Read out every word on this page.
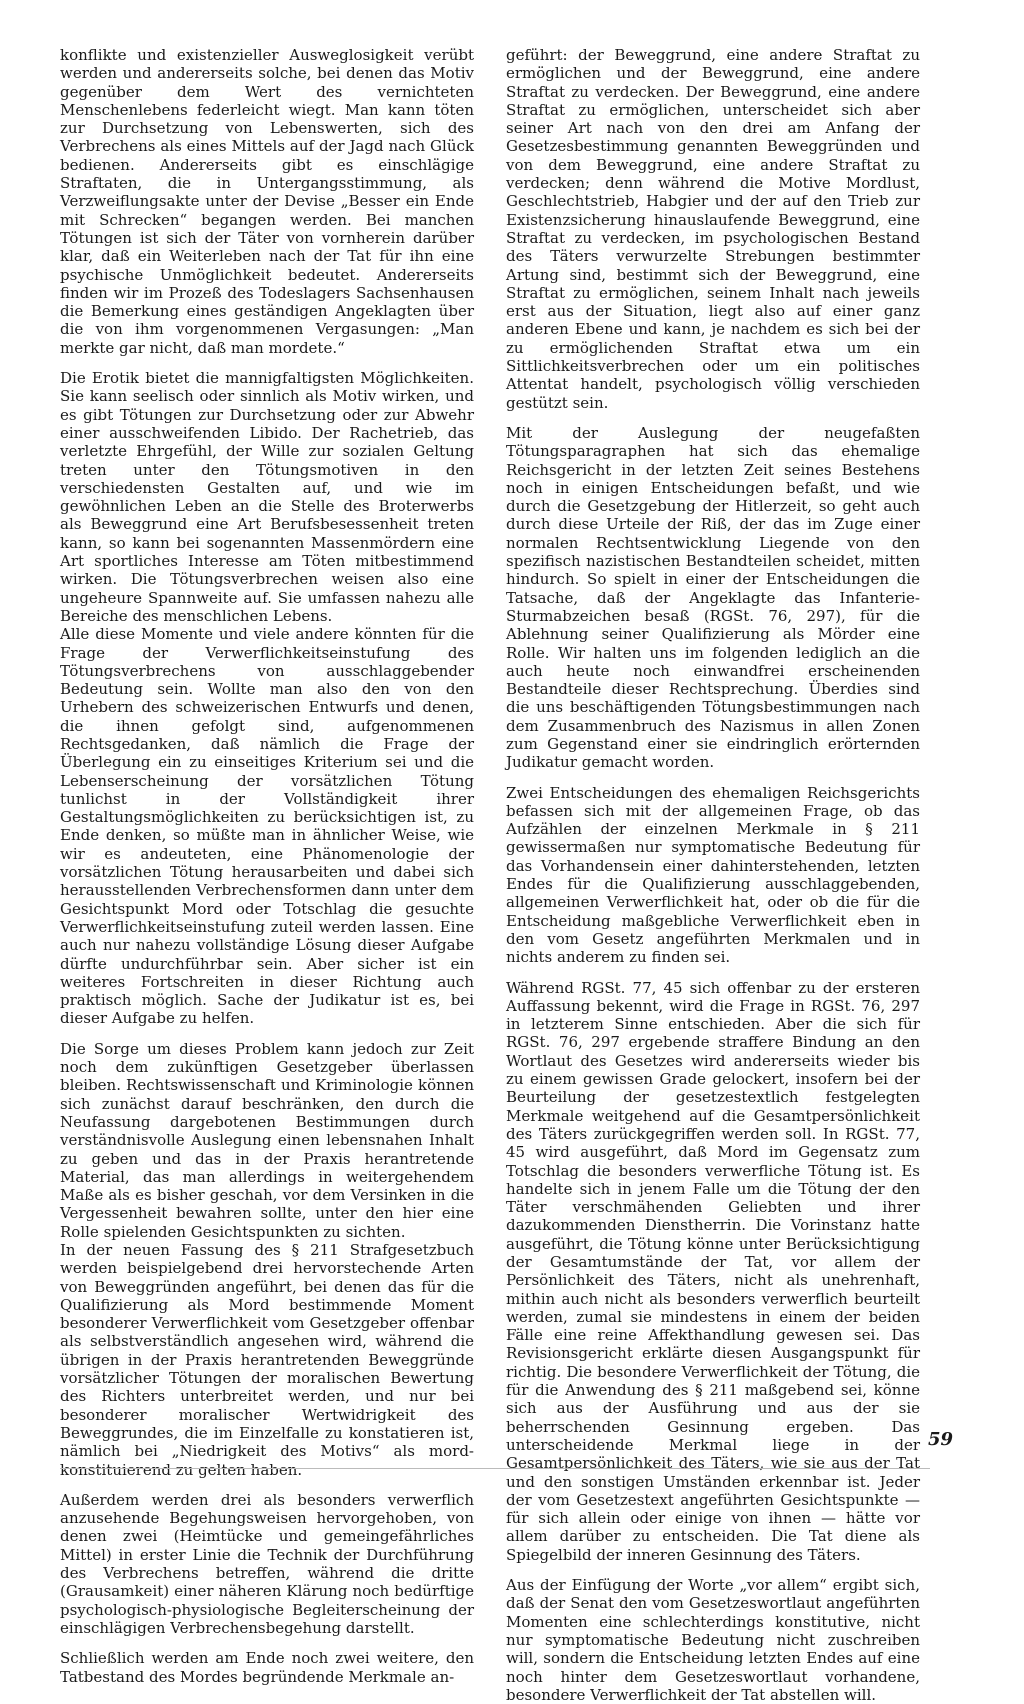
konflikte und existenzieller Ausweglosigkeit verübt werden und andererseits solche, bei denen das Motiv gegenüber dem Wert des vernichteten Menschenlebens federleicht wiegt. Man kann töten zur Durchsetzung von Lebenswerten, sich des Verbrechens als eines Mittels auf der Jagd nach Glück bedienen. Andererseits gibt es einschlägige Straftaten, die in Untergangsstimmung, als Verzweiflungsakte unter der Devise „Besser ein Ende mit Schrecken“ begangen werden. Bei manchen Tötungen ist sich der Täter von vornherein darüber klar, daß ein Weiterleben nach der Tat für ihn eine psychische Unmöglichkeit bedeutet. Andererseits finden wir im Prozeß des Todeslagers Sachsenhausen die Bemerkung eines geständigen Angeklagten über die von ihm vorgenommenen Vergasungen: „Man merkte gar nicht, daß man mordete.“

Die Erotik bietet die mannigfaltigsten Möglichkeiten. Sie kann seelisch oder sinnlich als Motiv wirken, und es gibt Tötungen zur Durchsetzung oder zur Abwehr einer ausschweifenden Libido. Der Rachetrieb, das verletzte Ehrgefühl, der Wille zur sozialen Geltung treten unter den Tötungsmotiven in den verschiedensten Gestalten auf, und wie im gewöhnlichen Leben an die Stelle des Broterwerbs als Beweggrund eine Art Berufsbesessenheit treten kann, so kann bei sogenannten Massenmördern eine Art sportliches Interesse am Töten mitbestimmend wirken. Die Tötungsverbrechen weisen also eine ungeheure Spannweite auf. Sie umfassen nahezu alle Bereiche des menschlichen Lebens.

Alle diese Momente und viele andere könnten für die Frage der Verwerflichkeitseinstufung des Tötungsverbrechens von ausschlaggebender Bedeutung sein. Wollte man also den von den Urhebern des schweizerischen Entwurfs und denen, die ihnen gefolgt sind, aufgenommenen Rechtsgedanken, daß nämlich die Frage der Überlegung ein zu einseitiges Kriterium sei und die Lebenserscheinung der vorsätzlichen Tötung tunlichst in der Vollständigkeit ihrer Gestaltungsmöglichkeiten zu berücksichtigen ist, zu Ende denken, so müßte man in ähnlicher Weise, wie wir es andeuteten, eine Phänomenologie der vorsätzlichen Tötung herausarbeiten und dabei sich herausstellenden Verbrechensformen dann unter dem Gesichtspunkt Mord oder Totschlag die gesuchte Verwerflichkeitseinstufung zuteil werden lassen. Eine auch nur nahezu vollständige Lösung dieser Aufgabe dürfte undurchführbar sein. Aber sicher ist ein weiteres Fortschreiten in dieser Richtung auch praktisch möglich. Sache der Judikatur ist es, bei dieser Aufgabe zu helfen.

Die Sorge um dieses Problem kann jedoch zur Zeit noch dem zukünftigen Gesetzgeber überlassen bleiben. Rechtswissenschaft und Kriminologie können sich zunächst darauf beschränken, den durch die Neufassung dargebotenen Bestimmungen durch verständnisvolle Auslegung einen lebensnahen Inhalt zu geben und das in der Praxis herantretende Material, das man allerdings in weitergehendem Maße als es bisher geschah, vor dem Versinken in die Vergessenheit bewahren sollte, unter den hier eine Rolle spielenden Gesichtspunkten zu sichten.

In der neuen Fassung des § 211 Strafgesetzbuch werden beispielgebend drei hervorstechende Arten von Beweggründen angeführt, bei denen das für die Qualifizierung als Mord bestimmende Moment besonderer Verwerflichkeit vom Gesetzgeber offenbar als selbstverständlich angesehen wird, während die übrigen in der Praxis herantretenden Beweggründe vorsätzlicher Tötungen der moralischen Bewertung des Richters unterbreitet werden, und nur bei besonderer moralischer Wertwidrigkeit des Beweggrundes, die im Einzelfalle zu konstatieren ist, nämlich bei „Niedrigkeit des Motivs“ als mord-konstituierend zu gelten haben.

Außerdem werden drei als besonders verwerflich anzusehende Begehungsweisen hervorgehoben, von denen zwei (Heimtücke und gemeingefährliches Mittel) in erster Linie die Technik der Durchführung des Verbrechens betreffen, während die dritte (Grausamkeit) einer näheren Klärung noch bedürftige psychologisch-physiologische Begleiterscheinung der einschlägigen Verbrechensbegehung darstellt.

Schließlich werden am Ende noch zwei weitere, den Tatbestand des Mordes begründende Merkmale an-

geführt: der Beweggrund, eine andere Straftat zu ermöglichen und der Beweggrund, eine andere Straftat zu verdecken. Der Beweggrund, eine andere Straftat zu ermöglichen, unterscheidet sich aber seiner Art nach von den drei am Anfang der Gesetzesbestimmung genannten Beweggründen und von dem Beweggrund, eine andere Straftat zu verdecken; denn während die Motive Mordlust, Geschlechtstrieb, Habgier und der auf den Trieb zur Existenzsicherung hinauslaufende Beweggrund, eine Straftat zu verdecken, im psychologischen Bestand des Täters verwurzelte Strebungen bestimmter Artung sind, bestimmt sich der Beweggrund, eine Straftat zu ermöglichen, seinem Inhalt nach jeweils erst aus der Situation, liegt also auf einer ganz anderen Ebene und kann, je nachdem es sich bei der zu ermöglichenden Straftat etwa um ein Sittlichkeitsverbrechen oder um ein politisches Attentat handelt, psychologisch völlig verschieden gestützt sein.

Mit der Auslegung der neugefaßten Tötungsparagraphen hat sich das ehemalige Reichsgericht in der letzten Zeit seines Bestehens noch in einigen Entscheidungen befaßt, und wie durch die Gesetzgebung der Hitlerzeit, so geht auch durch diese Urteile der Riß, der das im Zuge einer normalen Rechtsentwicklung Liegende von den spezifisch nazistischen Bestandteilen scheidet, mitten hindurch. So spielt in einer der Entscheidungen die Tatsache, daß der Angeklagte das Infanterie-Sturmabzeichen besaß (RGSt. 76, 297), für die Ablehnung seiner Qualifizierung als Mörder eine Rolle. Wir halten uns im folgenden lediglich an die auch heute noch einwandfrei erscheinenden Bestandteile dieser Rechtsprechung. Überdies sind die uns beschäftigenden Tötungsbestimmungen nach dem Zusammenbruch des Nazismus in allen Zonen zum Gegenstand einer sie eindringlich erörternden Judikatur gemacht worden.

Zwei Entscheidungen des ehemaligen Reichsgerichts befassen sich mit der allgemeinen Frage, ob das Aufzählen der einzelnen Merkmale in § 211 gewissermaßen nur symptomatische Bedeutung für das Vorhandensein einer dahinterstehenden, letzten Endes für die Qualifizierung ausschlaggebenden, allgemeinen Verwerflichkeit hat, oder ob die für die Entscheidung maßgebliche Verwerflichkeit eben in den vom Gesetz angeführten Merkmalen und in nichts anderem zu finden sei.

Während RGSt. 77, 45 sich offenbar zu der ersteren Auffassung bekennt, wird die Frage in RGSt. 76, 297 in letzterem Sinne entschieden. Aber die sich für RGSt. 76, 297 ergebende straffere Bindung an den Wortlaut des Gesetzes wird andererseits wieder bis zu einem gewissen Grade gelockert, insofern bei der Beurteilung der gesetzestextlich festgelegten Merkmale weitgehend auf die Gesamtpersönlichkeit des Täters zurückgegriffen werden soll. In RGSt. 77, 45 wird ausgeführt, daß Mord im Gegensatz zum Totschlag die besonders verwerfliche Tötung ist. Es handelte sich in jenem Falle um die Tötung der den Täter verschmähenden Geliebten und ihrer dazukommenden Dienstherrin. Die Vorinstanz hatte ausgeführt, die Tötung könne unter Berücksichtigung der Gesamtumstände der Tat, vor allem der Persönlichkeit des Täters, nicht als unehrenhaft, mithin auch nicht als besonders verwerflich beurteilt werden, zumal sie mindestens in einem der beiden Fälle eine reine Affekthandlung gewesen sei. Das Revisionsgericht erklärte diesen Ausgangspunkt für richtig. Die besondere Verwerflichkeit der Tötung, die für die Anwendung des § 211 maßgebend sei, könne sich aus der Ausführung und aus der sie beherrschenden Gesinnung ergeben. Das unterscheidende Merkmal liege in der Gesamtpersönlichkeit des Täters, wie sie aus der Tat und den sonstigen Umständen erkennbar ist. Jeder der vom Gesetzestext angeführten Gesichtspunkte — für sich allein oder einige von ihnen — hätte vor allem darüber zu entscheiden. Die Tat diene als Spiegelbild der inneren Gesinnung des Täters.

Aus der Einfügung der Worte „vor allem“ ergibt sich, daß der Senat den vom Gesetzeswortlaut angeführten Momenten eine schlechterdings konstitutive, nicht nur symptomatische Bedeutung nicht zuschreiben will, sondern die Entscheidung letzten Endes auf eine noch hinter dem Gesetzeswortlaut vorhandene, besondere Verwerflichkeit der Tat abstellen will.

59
